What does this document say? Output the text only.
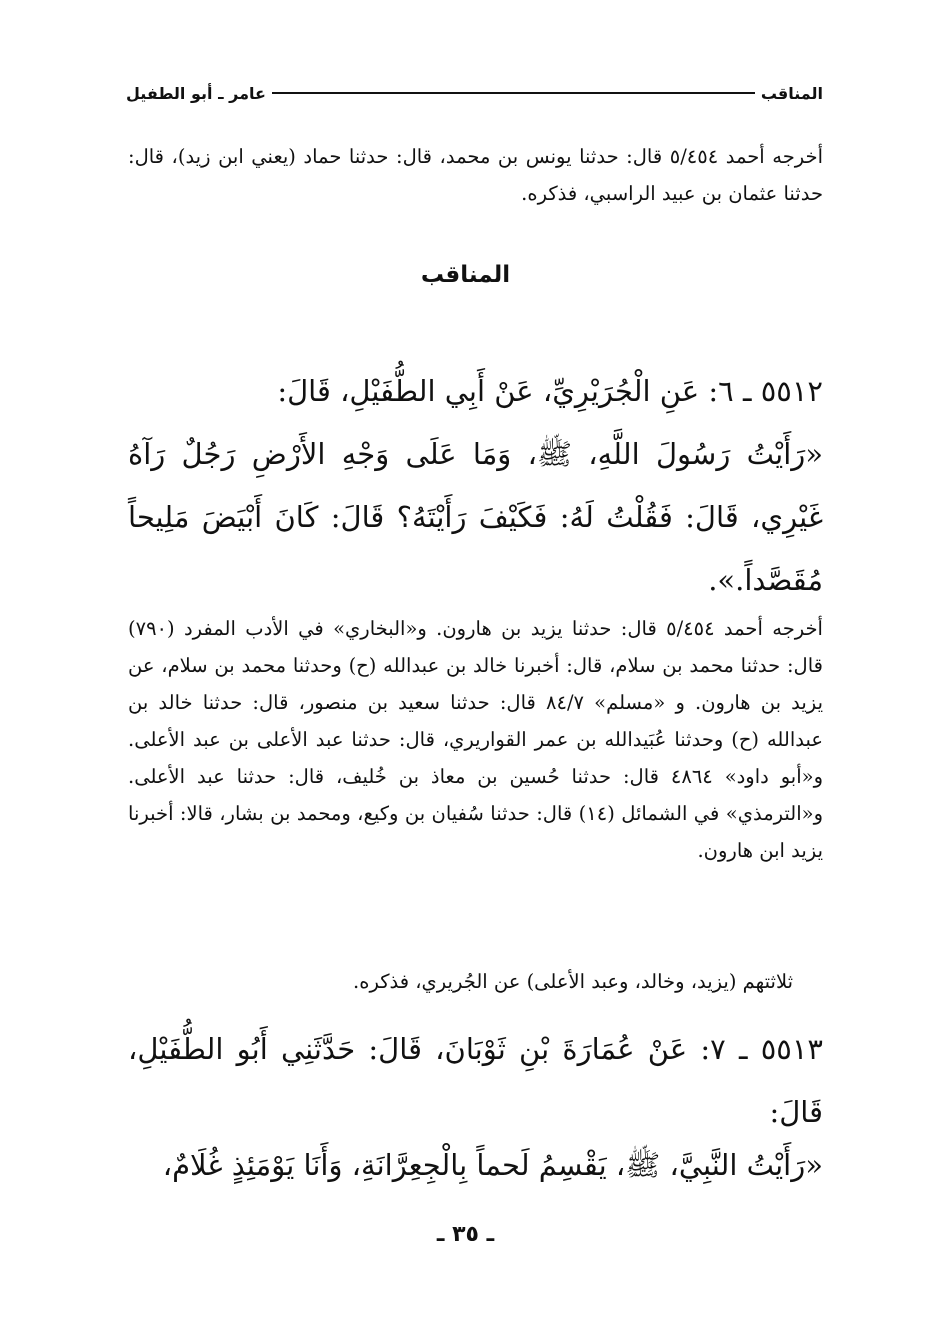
المناقب
عامر ـ أبو الطفيل
أخرجه أحمد ٥/٤٥٤ قال: حدثنا يونس بن محمد، قال: حدثنا حماد (يعني ابن زيد)، قال: حدثنا عثمان بن عبيد الراسبي، فذكره.
المناقب
٥٥١٢ ـ ٦: عَنِ الْجُرَيْرِيِّ، عَنْ أَبِي الطُّفَيْلِ، قَالَ:
«رَأَيْتُ رَسُولَ اللَّهِ، ﷺ، وَمَا عَلَى وَجْهِ الأَرْضِ رَجُلٌ رَآهُ غَيْرِي، قَالَ: فَقُلْتُ لَهُ: فَكَيْفَ رَأَيْتَهُ؟ قَالَ: كَانَ أَبْيَضَ مَلِيحاً مُقَصَّداً.».
أخرجه أحمد ٥/٤٥٤ قال: حدثنا يزيد بن هارون. و«البخاري» في الأدب المفرد (٧٩٠) قال: حدثنا محمد بن سلام، قال: أخبرنا خالد بن عبدالله (ح) وحدثنا محمد بن سلام، عن يزيد بن هارون. و «مسلم» ٨٤/٧ قال: حدثنا سعيد بن منصور، قال: حدثنا خالد بن عبدالله (ح) وحدثنا عُبَيدالله بن عمر القواريري، قال: حدثنا عبد الأعلى بن عبد الأعلى. و«أبو داود» ٤٨٦٤ قال: حدثنا حُسين بن معاذ بن خُليف، قال: حدثنا عبد الأعلى. و«الترمذي» في الشمائل (١٤) قال: حدثنا سُفيان بن وكيع، ومحمد بن بشار، قالا: أخبرنا يزيد ابن هارون.
ثلاثتهم (يزيد، وخالد، وعبد الأعلى) عن الجُريري، فذكره.
٥٥١٣ ـ ٧: عَنْ عُمَارَةَ بْنِ ثَوْبَانَ، قَالَ: حَدَّثَنِي أَبُو الطُّفَيْلِ، قَالَ:
«رَأَيْتُ النَّبِيَّ، ﷺ، يَقْسِمُ لَحماً بِالْجِعِرَّانَةِ، وَأَنَا يَوْمَئِذٍ غُلَامٌ،
ـ ٣٥ ـ
